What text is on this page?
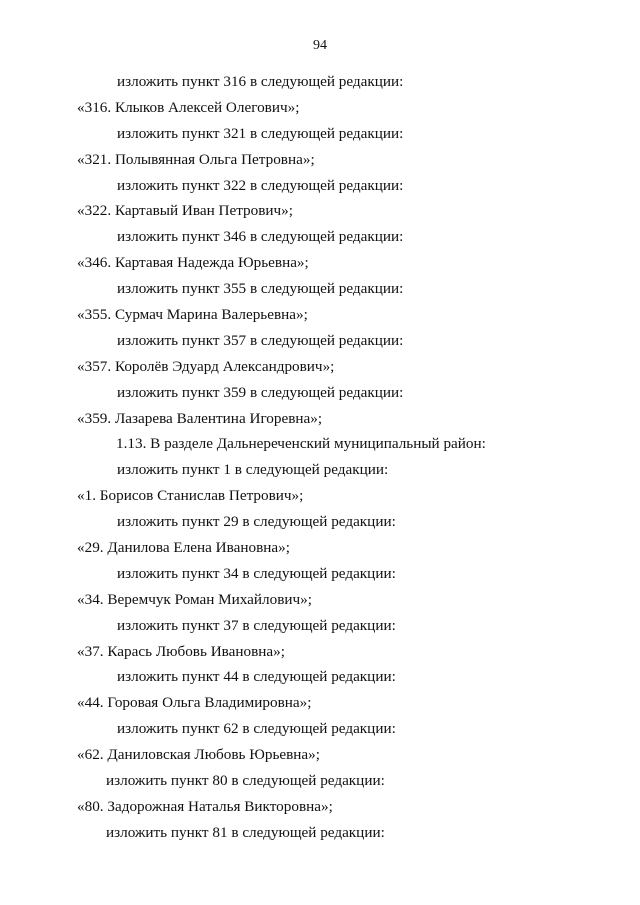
94
изложить пункт 316 в следующей редакции:
«316. Клыков Алексей Олегович»;
изложить пункт 321 в следующей редакции:
«321. Полывянная Ольга Петровна»;
изложить пункт 322 в следующей редакции:
«322. Картавый Иван Петрович»;
изложить пункт 346 в следующей редакции:
«346. Картавая Надежда Юрьевна»;
изложить пункт 355 в следующей редакции:
«355. Сурмач Марина Валерьевна»;
изложить пункт 357 в следующей редакции:
«357. Королёв Эдуард Александрович»;
изложить пункт 359 в следующей редакции:
«359. Лазарева Валентина Игоревна»;
1.13. В разделе Дальнереченский муниципальный район:
изложить пункт 1 в следующей редакции:
«1. Борисов Станислав Петрович»;
изложить пункт 29 в следующей редакции:
«29. Данилова Елена Ивановна»;
изложить пункт 34 в следующей редакции:
«34. Веремчук Роман Михайлович»;
изложить пункт 37 в следующей редакции:
«37. Карась Любовь Ивановна»;
изложить пункт 44 в следующей редакции:
«44. Горовая Ольга Владимировна»;
изложить пункт 62 в следующей редакции:
«62. Даниловская Любовь Юрьевна»;
изложить пункт 80 в следующей редакции:
«80. Задорожная Наталья Викторовна»;
изложить пункт 81 в следующей редакции:
